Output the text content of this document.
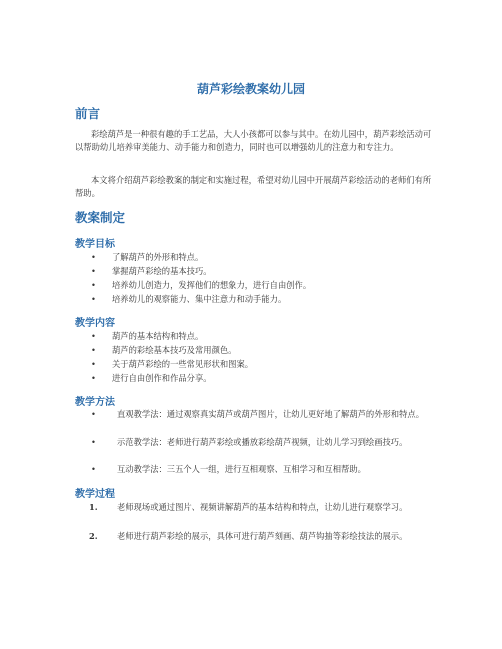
葫芦彩绘教案幼儿园
前言
彩绘葫芦是一种很有趣的手工艺品，大人小孩都可以参与其中。在幼儿园中，葫芦彩绘活动可以帮助幼儿培养审美能力、动手能力和创造力，同时也可以增强幼儿的注意力和专注力。
本文将介绍葫芦彩绘教案的制定和实施过程，希望对幼儿园中开展葫芦彩绘活动的老师们有所帮助。
教案制定
教学目标
• 了解葫芦的外形和特点。
• 掌握葫芦彩绘的基本技巧。
• 培养幼儿创造力，发挥他们的想象力，进行自由创作。
• 培养幼儿的观察能力、集中注意力和动手能力。
教学内容
• 葫芦的基本结构和特点。
• 葫芦的彩绘基本技巧及常用颜色。
• 关于葫芦彩绘的一些常见形状和图案。
• 进行自由创作和作品分享。
教学方法
•	直观教学法：通过观察真实葫芦或葫芦图片，让幼儿更好地了解葫芦的外形和特点。
•	示范教学法：老师进行葫芦彩绘或播放彩绘葫芦视频，让幼儿学习到绘画技巧。
•	互动教学法：三五个人一组，进行互相观察、互相学习和互相帮助。
教学过程
1. 老师现场或通过图片、视频讲解葫芦的基本结构和特点，让幼儿进行观察学习。
2. 老师进行葫芦彩绘的展示，具体可进行葫芦刻画、葫芦钩抽等彩绘技法的展示。
